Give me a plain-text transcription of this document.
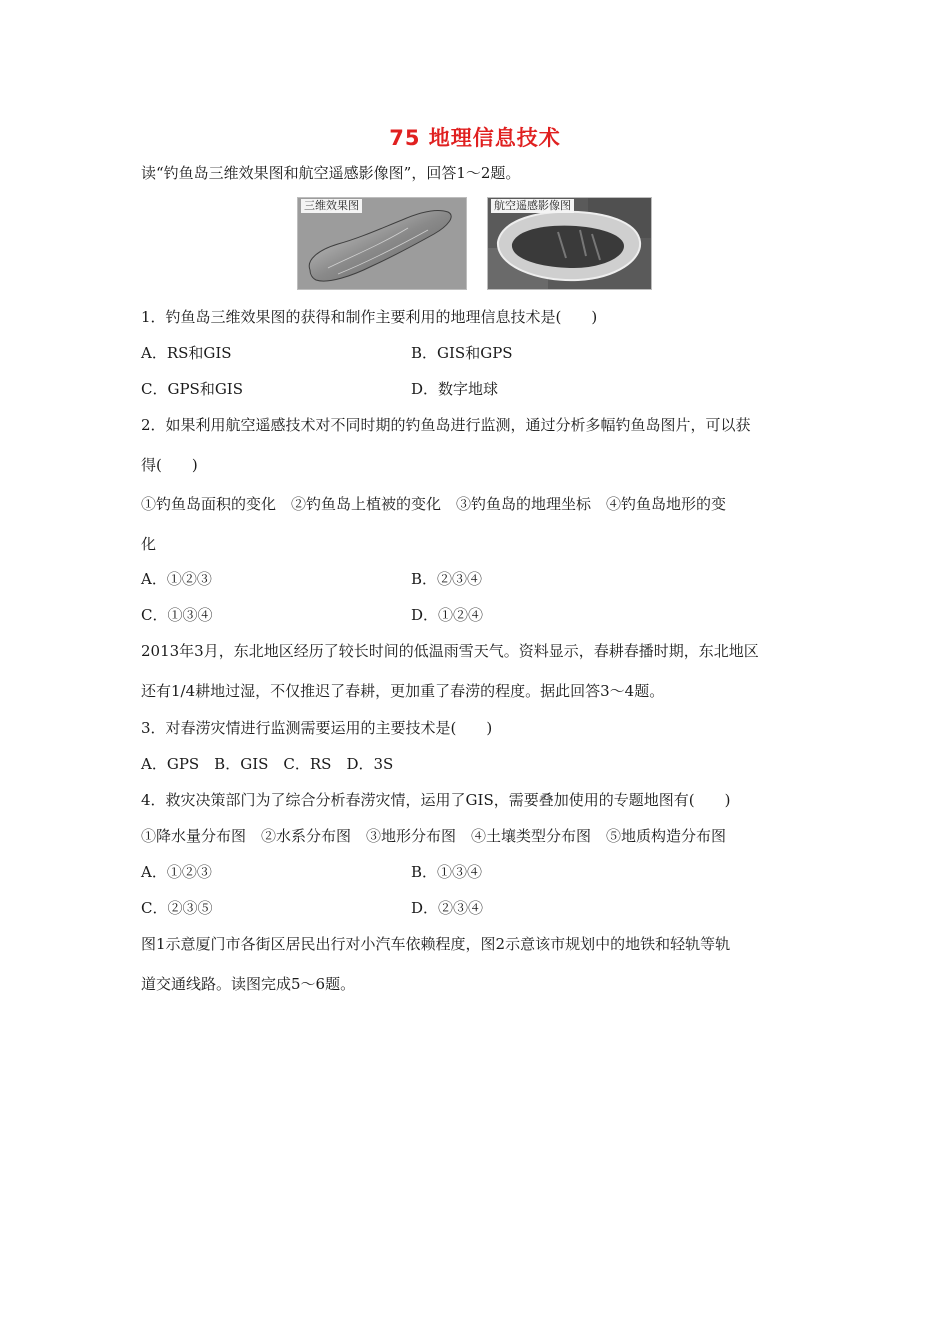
75 地理信息技术
读“钓鱼岛三维效果图和航空遥感影像图”，回答1～2题。
三维效果图	航空遥感影像图
1．钓鱼岛三维效果图的获得和制作主要利用的地理信息技术是(　　)
A．RS和GIS	B．GIS和GPS
C．GPS和GIS	D．数字地球
2．如果利用航空遥感技术对不同时期的钓鱼岛进行监测，通过分析多幅钓鱼岛图片，可以获
得(　　)
①钓鱼岛面积的变化　②钓鱼岛上植被的变化　③钓鱼岛的地理坐标　④钓鱼岛地形的变
化
A．①②③	B．②③④
C．①③④	D．①②④
2013年3月，东北地区经历了较长时间的低温雨雪天气。资料显示，春耕春播时期，东北地区
还有1/4耕地过湿，不仅推迟了春耕，更加重了春涝的程度。据此回答3～4题。
3．对春涝灾情进行监测需要运用的主要技术是(　　)
A．GPS　B．GIS　C．RS　D．3S
4．救灾决策部门为了综合分析春涝灾情，运用了GIS，需要叠加使用的专题地图有(　　)
①降水量分布图　②水系分布图　③地形分布图　④土壤类型分布图　⑤地质构造分布图
A．①②③	B．①③④
C．②③⑤	D．②③④
图1示意厦门市各街区居民出行对小汽车依赖程度，图2示意该市规划中的地铁和轻轨等轨
道交通线路。读图完成5～6题。
